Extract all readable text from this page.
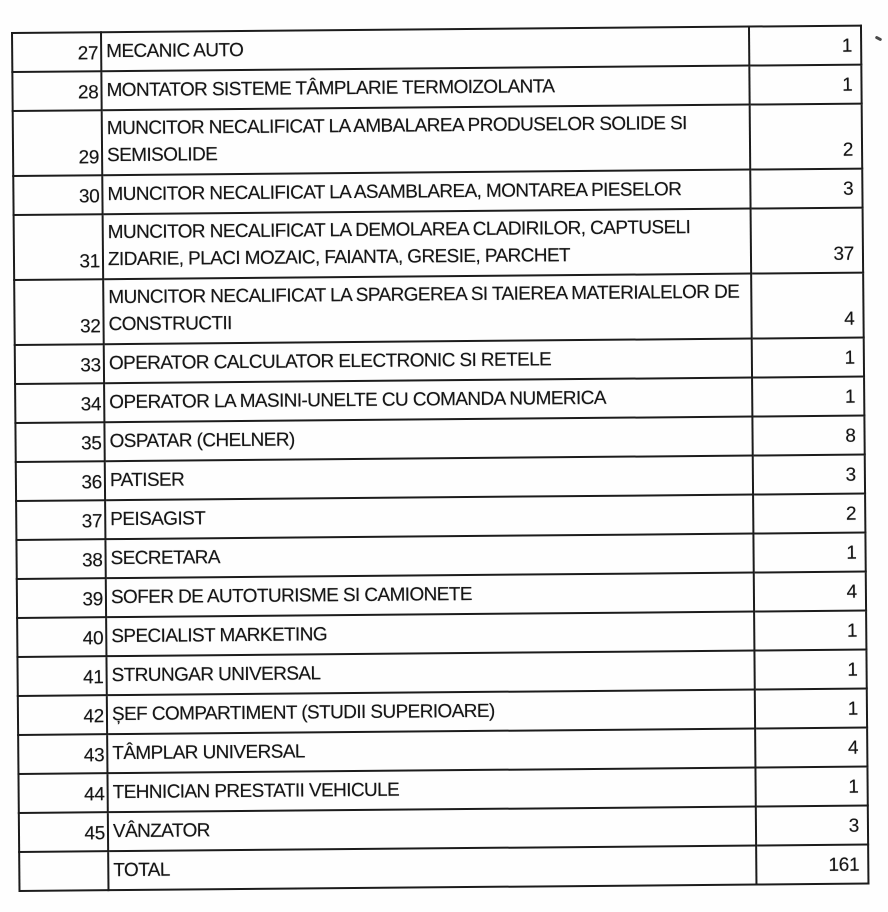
27	MECANIC AUTO	1
28	MONTATOR SISTEME TÂMPLARIE TERMOIZOLANTA	1
29	MUNCITOR NECALIFICAT LA AMBALAREA PRODUSELOR SOLIDE SI
SEMISOLIDE	2
30	MUNCITOR NECALIFICAT LA ASAMBLAREA, MONTAREA PIESELOR	3
31	MUNCITOR NECALIFICAT LA DEMOLAREA CLADIRILOR, CAPTUSELI
ZIDARIE, PLACI MOZAIC, FAIANTA, GRESIE, PARCHET	37
32	MUNCITOR NECALIFICAT LA SPARGEREA SI TAIEREA MATERIALELOR DE
CONSTRUCTII	4
33	OPERATOR CALCULATOR ELECTRONIC SI RETELE	1
34	OPERATOR LA MASINI-UNELTE CU COMANDA NUMERICA	1
35	OSPATAR (CHELNER)	8
36	PATISER	3
37	PEISAGIST	2
38	SECRETARA	1
39	SOFER DE AUTOTURISME SI CAMIONETE	4
40	SPECIALIST MARKETING	1
41	STRUNGAR UNIVERSAL	1
42	ȘEF COMPARTIMENT (STUDII SUPERIOARE)	1
43	TÂMPLAR UNIVERSAL	4
44	TEHNICIAN PRESTATII VEHICULE	1
45	VÂNZATOR	3

	TOTAL	161
